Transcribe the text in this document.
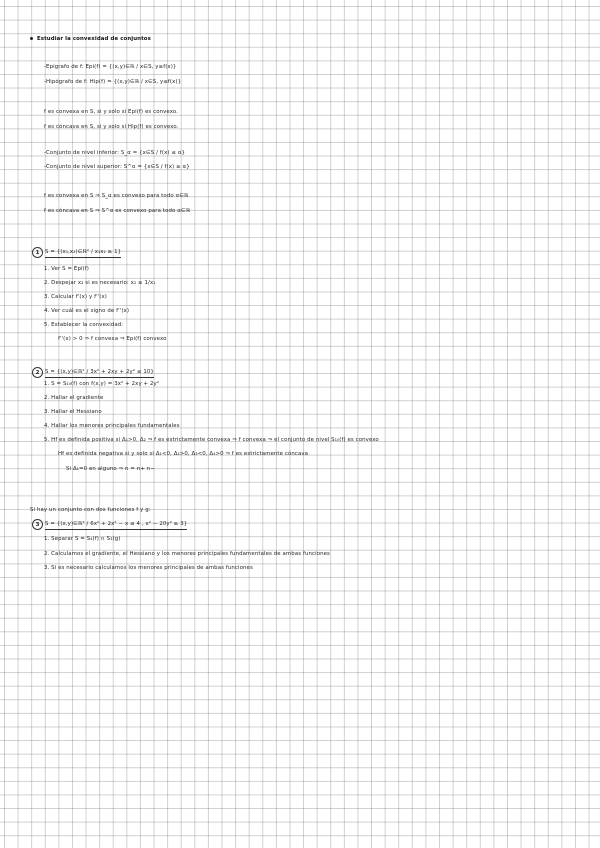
Estudiar la convexidad de conjuntos
-Epígrafo de f: Epi(f) = {(x,y)∈ℝ / x∈S, y≥f(x)}
-Hipógrafo de f: Hip(f) = {(x,y)∈ℝ / x∈S, y≤f(x)}
f es convexa en S, si y solo si Epi(f) es convexo.
f es cóncava en S, si y solo si Hip(f) es convexo.
-Conjunto de nivel inferior: S_α = {x∈S / f(x) ≤ α}
-Conjunto de nivel superior: S^α = {x∈S / f(x) ≥ α}
f es convexa en S ⇒ S_α es convexo para todo α∈ℝ
f es cóncava en S ⇒ S^α es convexo para todo α∈ℝ
1	S = {(x₁,x₂)∈ℝ² / x₁x₂ ≥ 1}
1. Ver S = Epi(f)
2. Despejar x₂ si es necesario: x₂ ≥ 1/x₁
3. Calcular f'(x) y f''(x)
4. Ver cuál es el signo de f''(x)
5. Establecer la convexidad:
f''(x) > 0 ⇒ f convexa ⇒ Epi(f) convexo
2	S = {(x,y)∈ℝ² / 3x² + 2xy + 2y² ≤ 10}
1. S = S₁₀(f) con f(x,y) = 3x² + 2xy + 2y²
2. Hallar el gradiente
3. Hallar el Hessiano
4. Hallar los menores principales fundamentales
5. Hf es definida positiva si Δ₁>0, Δ₂ ⇒ f es estrictamente convexa ⇒ f convexa ⇒ el conjunto de nivel S₁₀(f) es convexo
Hf es definida negativa si y solo si Δ₁<0, Δ₂>0, Δ₃<0, Δ₄>0 ⇒ f es estrictamente cóncava
Si Δ₁=0 en alguno ⇒ n = n+ n−
Si hay un conjunto con dos funciones f y g:
3	S = {(x,y)∈ℝ³ / 6x² + 2x² − x ≤ 4 , x² − 20y² ≥ 3}
1. Separar S = S₄(f) ∩ S₃(g)
2. Calculamos el gradiente, el Hessiano y los menores principales fundamentales de ambas funciones
3. Si es necesario calculamos los menores principales de ambas funciones
